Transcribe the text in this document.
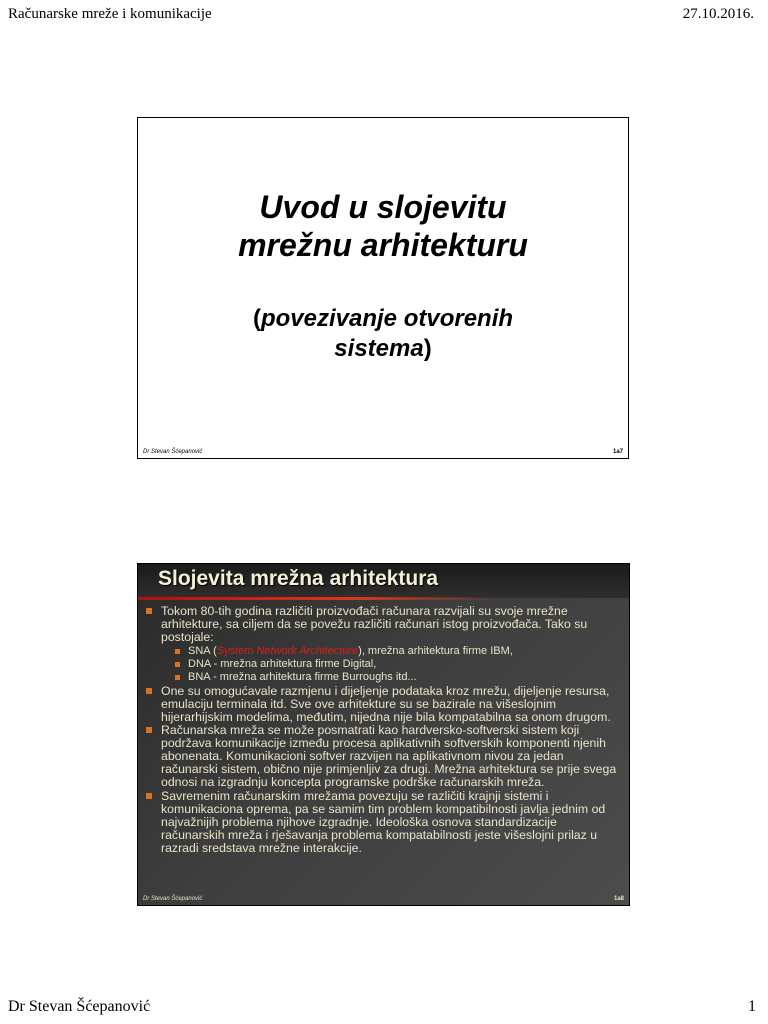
Računarske mreže i komunikacije	27.10.2016.
Uvod u slojevitu
mrežnu arhitekturu
(povezivanje otvorenih
sistema)
Dr Stevan Šćepanović	1a7
Slojevita mrežna arhitektura
Tokom 80-tih godina različiti proizvođači računara razvijali su svoje mrežne arhitekture, sa ciljem da se povežu različiti računari istog proizvođača. Tako su postojale:
SNA (System Network Architecture), mrežna arhitektura firme IBM,
DNA - mrežna arhitektura firme Digital,
BNA - mrežna arhitektura firme Burroughs itd...
One su omogućavale razmjenu i dijeljenje podataka kroz mrežu, dijeljenje resursa, emulaciju terminala itd. Sve ove arhitekture su se bazirale na višeslojnim hijerarhijskim modelima, međutim, nijedna nije bila kompatabilna sa onom drugom.
Računarska mreža se može posmatrati kao hardversko-softverski sistem koji podržava komunikacije između procesa aplikativnih softverskih komponenti njenih abonenata. Komunikacioni softver razvijen na aplikativnom nivou za jedan računarski sistem, obično nije primjenljiv za drugi. Mrežna arhitektura se prije svega odnosi na izgradnju koncepta programske podrške računarskih mreža.
Savremenim računarskim mrežama povezuju se različiti krajnji sistemi i komunikaciona oprema, pa se samim tim problem kompatibilnosti javlja jednim od najvažnijih problema njihove izgradnje. Ideološka osnova standardizacije računarskih mreža i rješavanja problema kompatabilnosti jeste višeslojni prilaz u razradi sredstava mrežne interakcije.
Dr Stevan Šćepanović	1a8
Dr Stevan Šćepanović	1
